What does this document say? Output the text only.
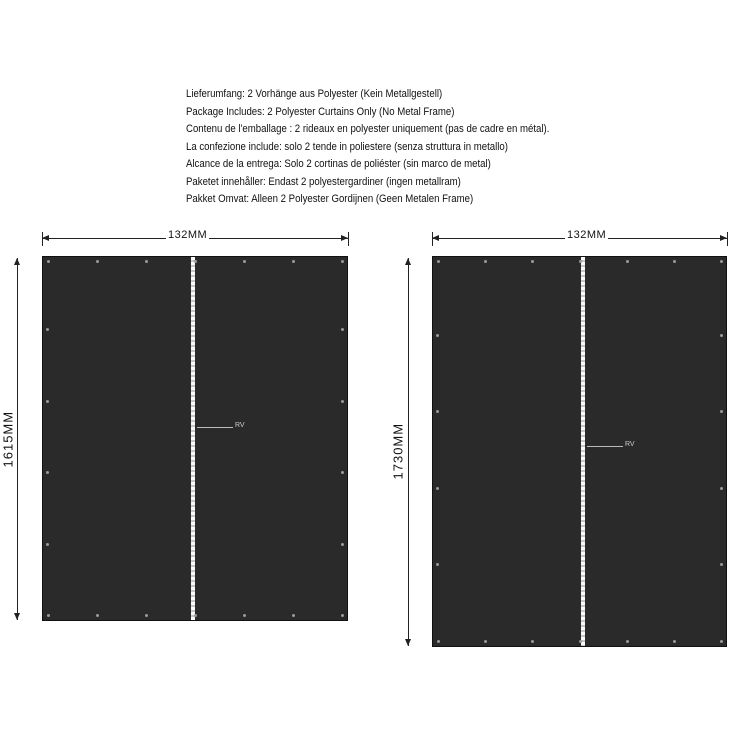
Lieferumfang: 2 Vorhänge aus Polyester (Kein Metallgestell)
Package Includes: 2 Polyester Curtains Only (No Metal Frame)
Contenu de l'emballage : 2 rideaux en polyester uniquement (pas de cadre en métal).
La confezione include: solo 2 tende in poliestere (senza struttura in metallo)
Alcance de la entrega: Solo 2 cortinas de poliéster (sin marco de metal)
Paketet innehåller: Endast 2 polyestergardiner (ingen metallram)
Pakket Omvat: Alleen 2 Polyester Gordijnen (Geen Metalen Frame)
132MM
1615MM	RV
132MM
1730MM	RV
